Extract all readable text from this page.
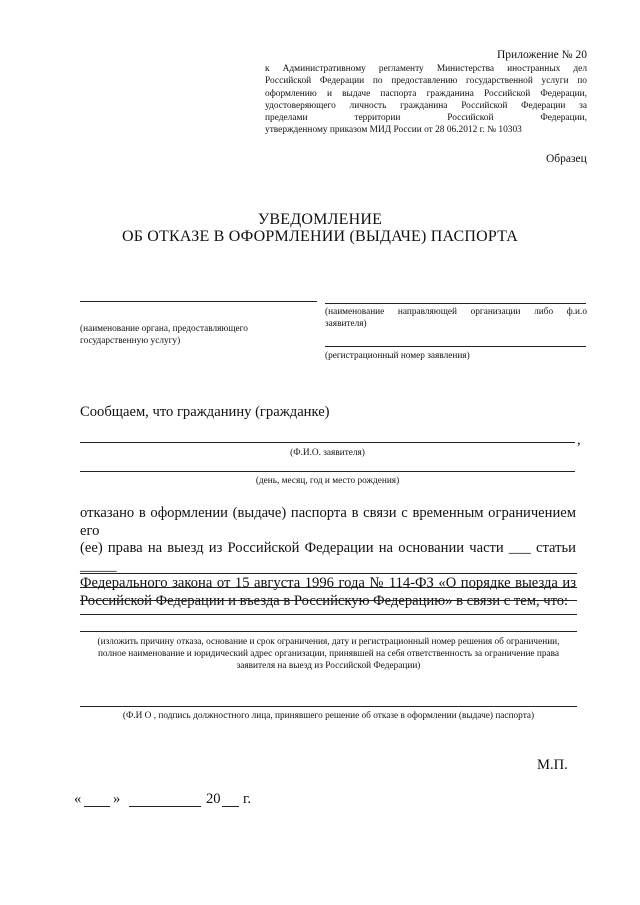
Приложение № 20
к Административному регламенту Министерства иностранных дел
Российской Федерации по предоставлению государственной услуги по
оформлению и выдаче паспорта гражданина Российской Федерации,
удостоверяющего личность гражданина Российской Федерации за
пределами территории Российской Федерации,
утвержденному приказом МИД России от 28 06.2012 г. № 10303
Образец
УВЕДОМЛЕНИЕ
ОБ ОТКАЗЕ В ОФОРМЛЕНИИ (ВЫДАЧЕ) ПАСПОРТА
(наименование органа, предоставляющего
государственную услугу)
(наименование направляющей организации либо ф.и.о
заявителя)
(регистрационный номер заявления)
Сообщаем, что гражданину (гражданке)
,
(Ф.И.О. заявителя)
(день, месяц, год и место рождения)
отказано в оформлении (выдаче) паспорта в связи с временным ограничением его
(ее) права на выезд из Российской Федерации на основании части ___ статьи _____
Федерального закона от 15 августа 1996 года № 114-ФЗ «О порядке выезда из
Российской Федерации и въезда в Российскую Федерацию» в связи с тем, что:
(изложить причину отказа, основание и срок ограничения, дату и регистрационный номер решения об ограничении,
полное наименование и юридический адрес организации, принявшей на себя ответственность за ограничение права
заявителя на выезд из Российской Федерации)
(Ф.И О , подпись должностного лица, принявшего решение об отказе в оформлении (выдаче) паспорта)
М.П.
« »	20 г.
